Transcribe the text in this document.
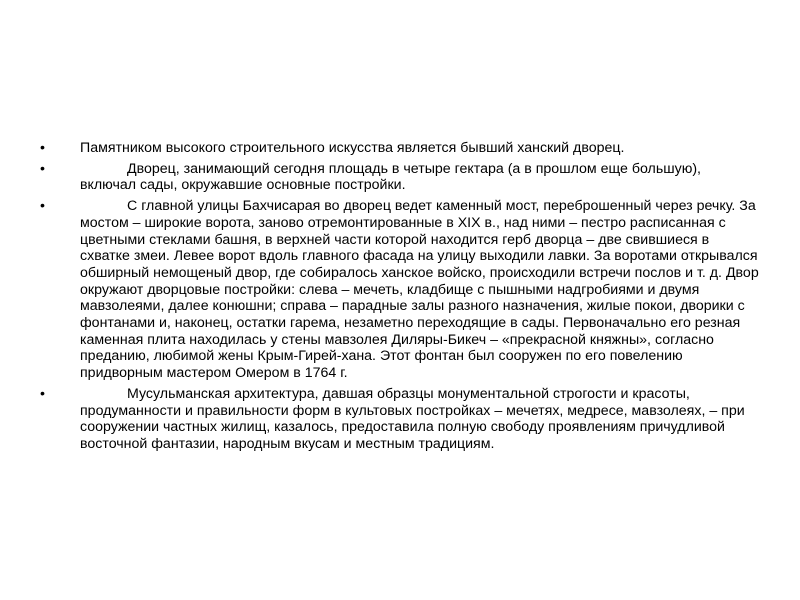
•	Памятником высокого строительного искусства является бывший ханский дворец.
•	Дворец, занимающий сегодня площадь в четыре гектара (а в прошлом еще большую), включал сады, окружавшие основные постройки.
•	С главной улицы Бахчисарая во дворец ведет каменный мост, переброшенный через речку. За мостом – широкие ворота, заново отремонтированные в XIX в., над ними – пестро расписанная с цветными стеклами башня, в верхней части которой находится герб дворца – две свившиеся в схватке змеи. Левее ворот вдоль главного фасада на улицу выходили лавки. За воротами открывался обширный немощеный двор, где собиралось ханское войско, происходили встречи послов и т. д. Двор окружают дворцовые постройки: слева – мечеть, кладбище с пышными надгробиями и двумя мавзолеями, далее конюшни; справа – парадные залы разного назначения, жилые покои, дворики с фонтанами и, наконец, остатки гарема, незаметно переходящие в сады. Первоначально его резная каменная плита находилась у стены мавзолея Диляры-Бикеч – «прекрасной княжны», согласно преданию, любимой жены Крым-Гирей-хана. Этот фонтан был сооружен по его повелению придворным мастером Омером в 1764 г.
•	Мусульманская архитектура, давшая образцы монументальной строгости и красоты, продуманности и правильности форм в культовых постройках – мечетях, медресе, мавзолеях, – при сооружении частных жилищ, казалось, предоставила полную свободу проявлениям причудливой восточной фантазии, народным вкусам и местным традициям.
